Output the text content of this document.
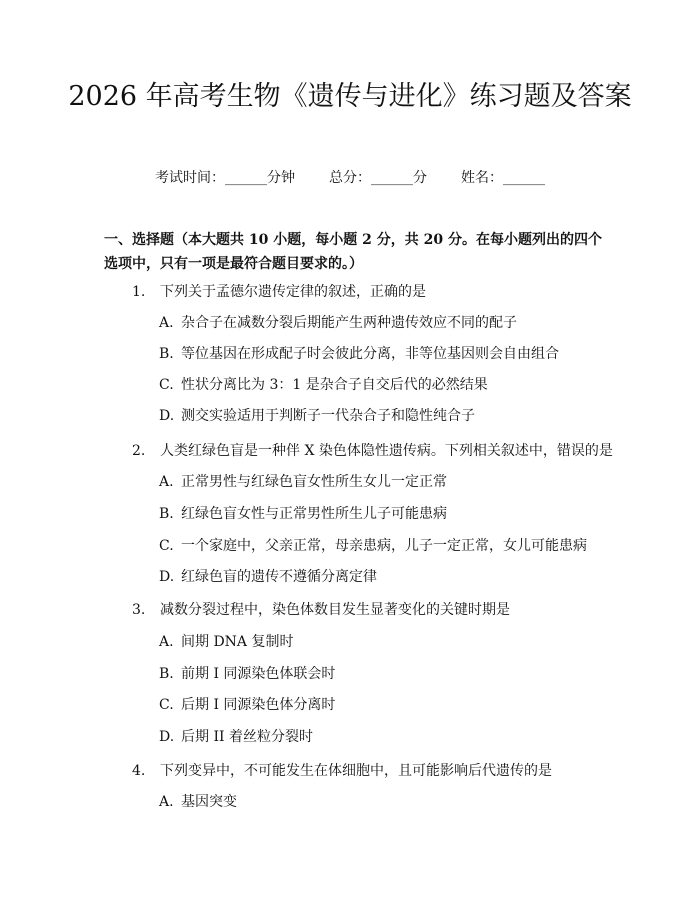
2026 年高考生物《遗传与进化》练习题及答案
考试时间：______分钟 总分：______分 姓名：______
一、选择题（本大题共 10 小题，每小题 2 分，共 20 分。在每小题列出的四个选项中，只有一项是最符合题目要求的。）
1. 下列关于孟德尔遗传定律的叙述，正确的是
A. 杂合子在减数分裂后期能产生两种遗传效应不同的配子
B. 等位基因在形成配子时会彼此分离，非等位基因则会自由组合
C. 性状分离比为 3：1 是杂合子自交后代的必然结果
D. 测交实验适用于判断子一代杂合子和隐性纯合子
2. 人类红绿色盲是一种伴 X 染色体隐性遗传病。下列相关叙述中，错误的是
A. 正常男性与红绿色盲女性所生女儿一定正常
B. 红绿色盲女性与正常男性所生儿子可能患病
C. 一个家庭中，父亲正常，母亲患病，儿子一定正常，女儿可能患病
D. 红绿色盲的遗传不遵循分离定律
3. 减数分裂过程中，染色体数目发生显著变化的关键时期是
A. 间期 DNA 复制时
B. 前期 I 同源染色体联会时
C. 后期 I 同源染色体分离时
D. 后期 II 着丝粒分裂时
4. 下列变异中，不可能发生在体细胞中，且可能影响后代遗传的是
A. 基因突变
